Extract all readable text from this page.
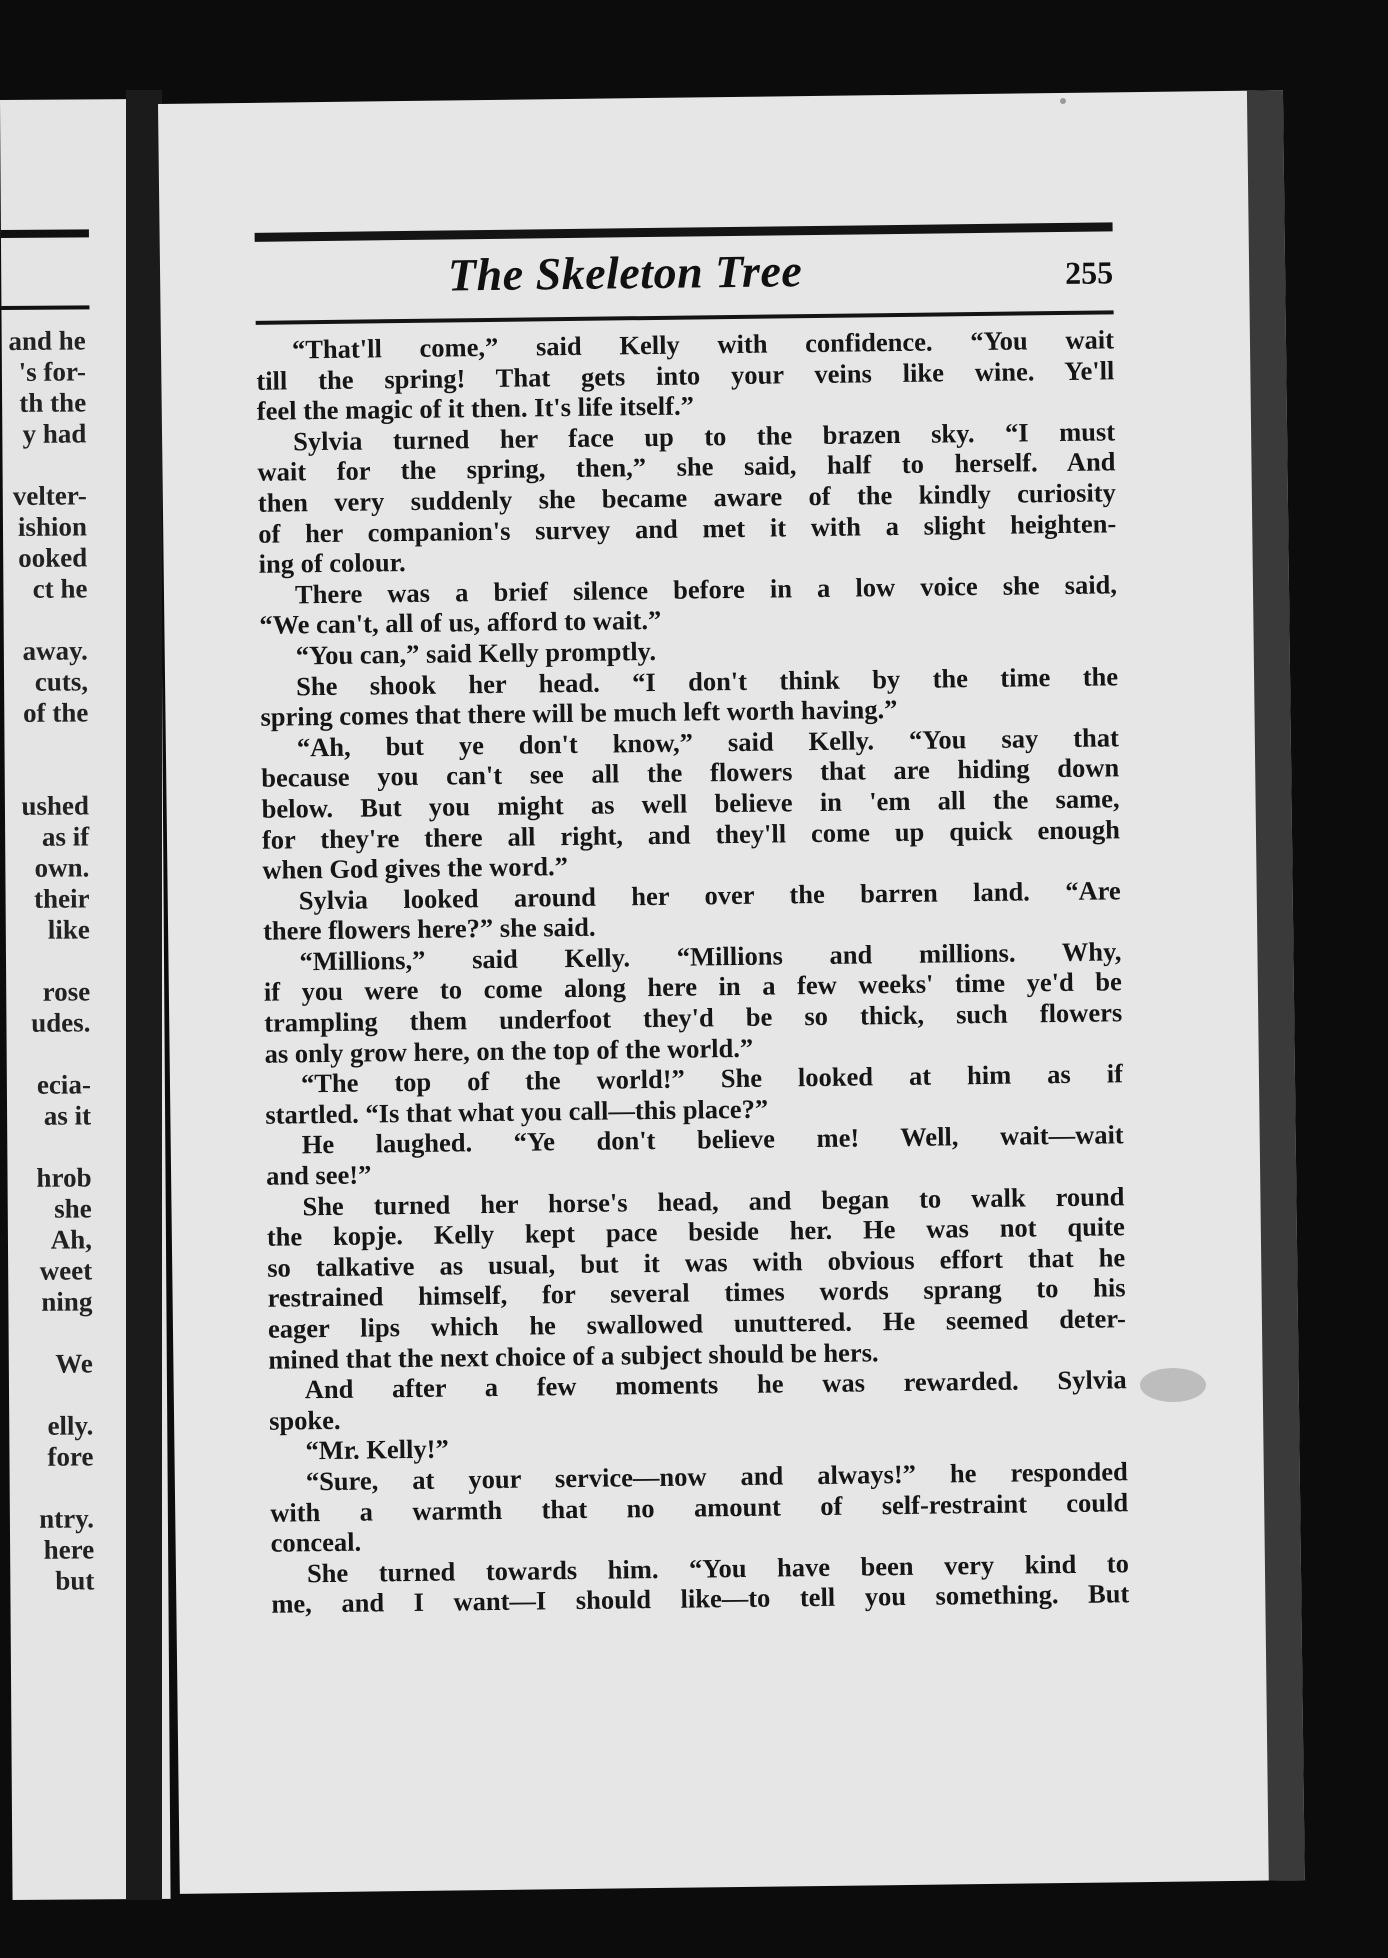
and he
's for-
th the
y had

velter-
ishion
ooked
ct he

away.
cuts,
of the

ushed
as if
own.
their
like

rose
udes.

ecia-
as it

hrob
she
Ah,
weet
ning

We

elly.
fore

ntry.
here
but
The Skeleton Tree	255
“That'll come,” said Kelly with confidence. “You wait
till the spring! That gets into your veins like wine. Ye'll
feel the magic of it then. It's life itself.”
Sylvia turned her face up to the brazen sky. “I must
wait for the spring, then,” she said, half to herself. And
then very suddenly she became aware of the kindly curiosity
of her companion's survey and met it with a slight heighten-
ing of colour.
There was a brief silence before in a low voice she said,
“We can't, all of us, afford to wait.”
“You can,” said Kelly promptly.
She shook her head. “I don't think by the time the
spring comes that there will be much left worth having.”
“Ah, but ye don't know,” said Kelly. “You say that
because you can't see all the flowers that are hiding down
below. But you might as well believe in 'em all the same,
for they're there all right, and they'll come up quick enough
when God gives the word.”
Sylvia looked around her over the barren land. “Are
there flowers here?” she said.
“Millions,” said Kelly. “Millions and millions. Why,
if you were to come along here in a few weeks' time ye'd be
trampling them underfoot they'd be so thick, such flowers
as only grow here, on the top of the world.”
“The top of the world!” She looked at him as if
startled. “Is that what you call—this place?”
He laughed. “Ye don't believe me! Well, wait—wait
and see!”
She turned her horse's head, and began to walk round
the kopje. Kelly kept pace beside her. He was not quite
so talkative as usual, but it was with obvious effort that he
restrained himself, for several times words sprang to his
eager lips which he swallowed unuttered. He seemed deter-
mined that the next choice of a subject should be hers.
And after a few moments he was rewarded. Sylvia
spoke.
“Mr. Kelly!”
“Sure, at your service—now and always!” he responded
with a warmth that no amount of self-restraint could
conceal.
She turned towards him. “You have been very kind to
me, and I want—I should like—to tell you something. But
